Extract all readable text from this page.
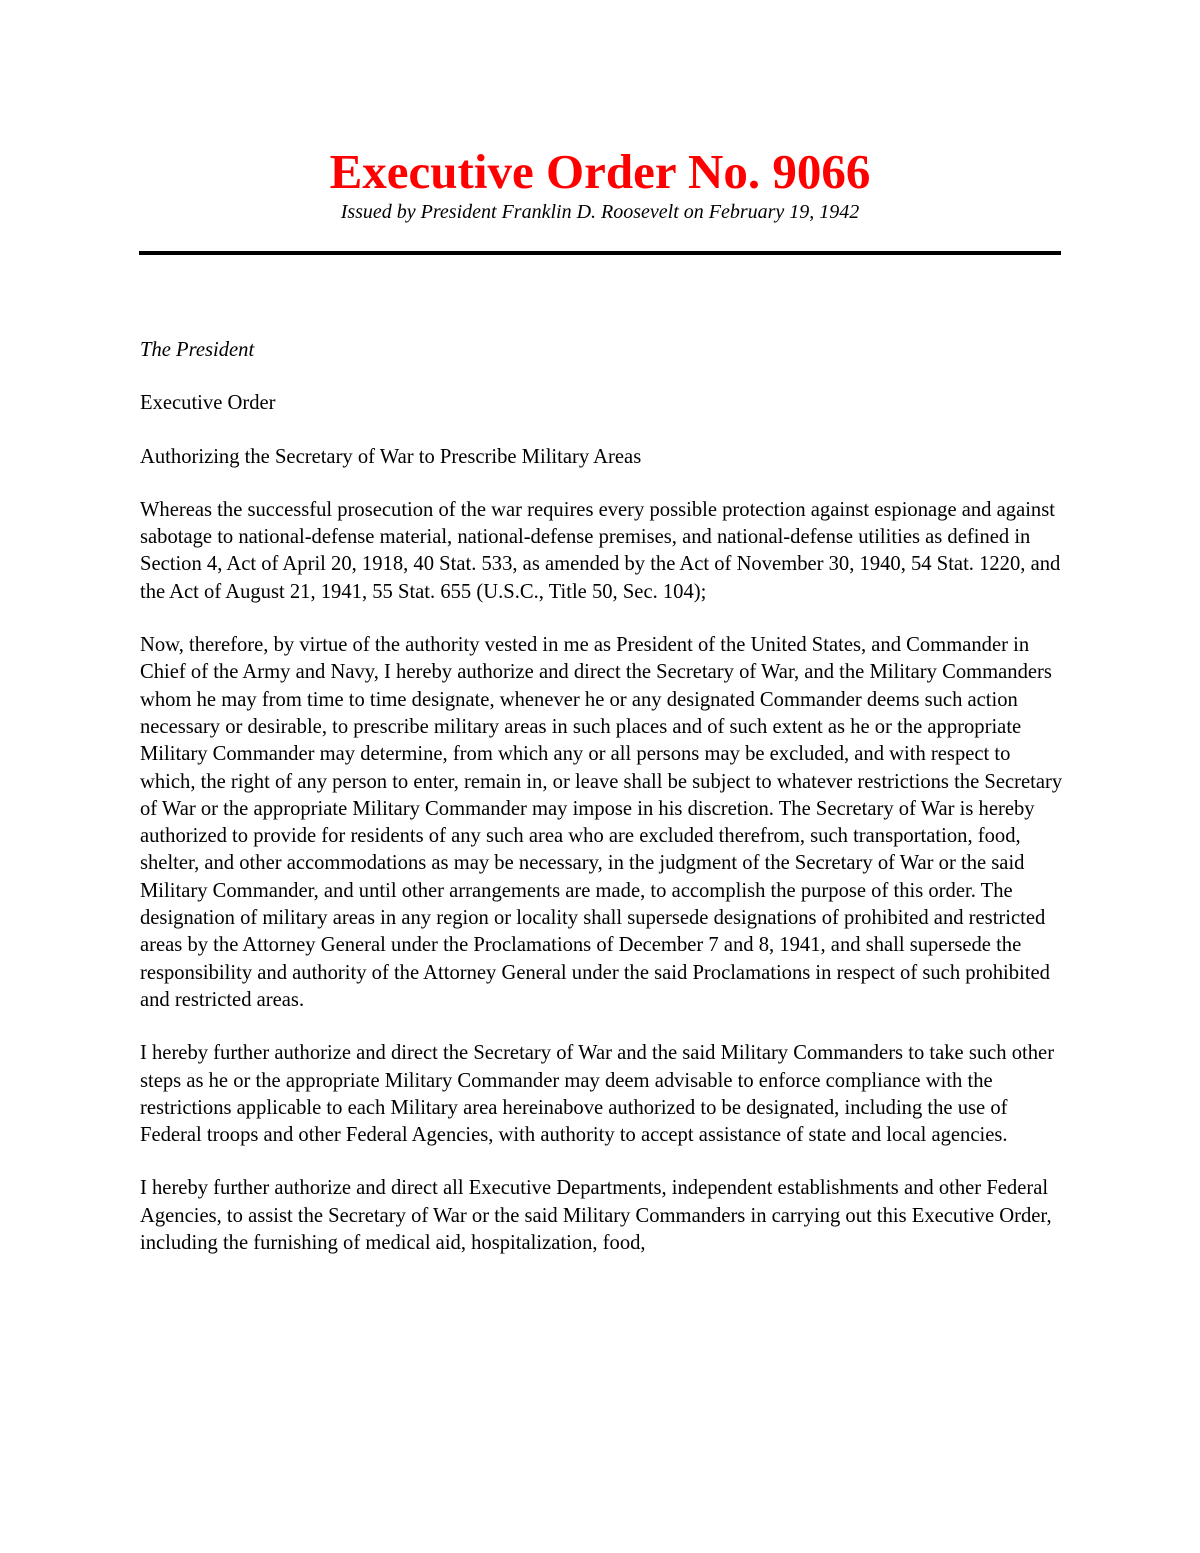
Executive Order No. 9066
Issued by President Franklin D. Roosevelt on February 19, 1942

The President

Executive Order

Authorizing the Secretary of War to Prescribe Military Areas

Whereas the successful prosecution of the war requires every possible protection against espionage and against sabotage to national-defense material, national-defense premises, and national-defense utilities as defined in Section 4, Act of April 20, 1918, 40 Stat. 533, as amended by the Act of November 30, 1940, 54 Stat. 1220, and the Act of August 21, 1941, 55 Stat. 655 (U.S.C., Title 50, Sec. 104);

Now, therefore, by virtue of the authority vested in me as President of the United States, and Commander in Chief of the Army and Navy, I hereby authorize and direct the Secretary of War, and the Military Commanders whom he may from time to time designate, whenever he or any designated Commander deems such action necessary or desirable, to prescribe military areas in such places and of such extent as he or the appropriate Military Commander may determine, from which any or all persons may be excluded, and with respect to which, the right of any person to enter, remain in, or leave shall be subject to whatever restrictions the Secretary of War or the appropriate Military Commander may impose in his discretion. The Secretary of War is hereby authorized to provide for residents of any such area who are excluded therefrom, such transportation, food, shelter, and other accommodations as may be necessary, in the judgment of the Secretary of War or the said Military Commander, and until other arrangements are made, to accomplish the purpose of this order. The designation of military areas in any region or locality shall supersede designations of prohibited and restricted areas by the Attorney General under the Proclamations of December 7 and 8, 1941, and shall supersede the responsibility and authority of the Attorney General under the said Proclamations in respect of such prohibited and restricted areas.

I hereby further authorize and direct the Secretary of War and the said Military Commanders to take such other steps as he or the appropriate Military Commander may deem advisable to enforce compliance with the restrictions applicable to each Military area hereinabove authorized to be designated, including the use of Federal troops and other Federal Agencies, with authority to accept assistance of state and local agencies.

I hereby further authorize and direct all Executive Departments, independent establishments and other Federal Agencies, to assist the Secretary of War or the said Military Commanders in carrying out this Executive Order, including the furnishing of medical aid, hospitalization, food,
